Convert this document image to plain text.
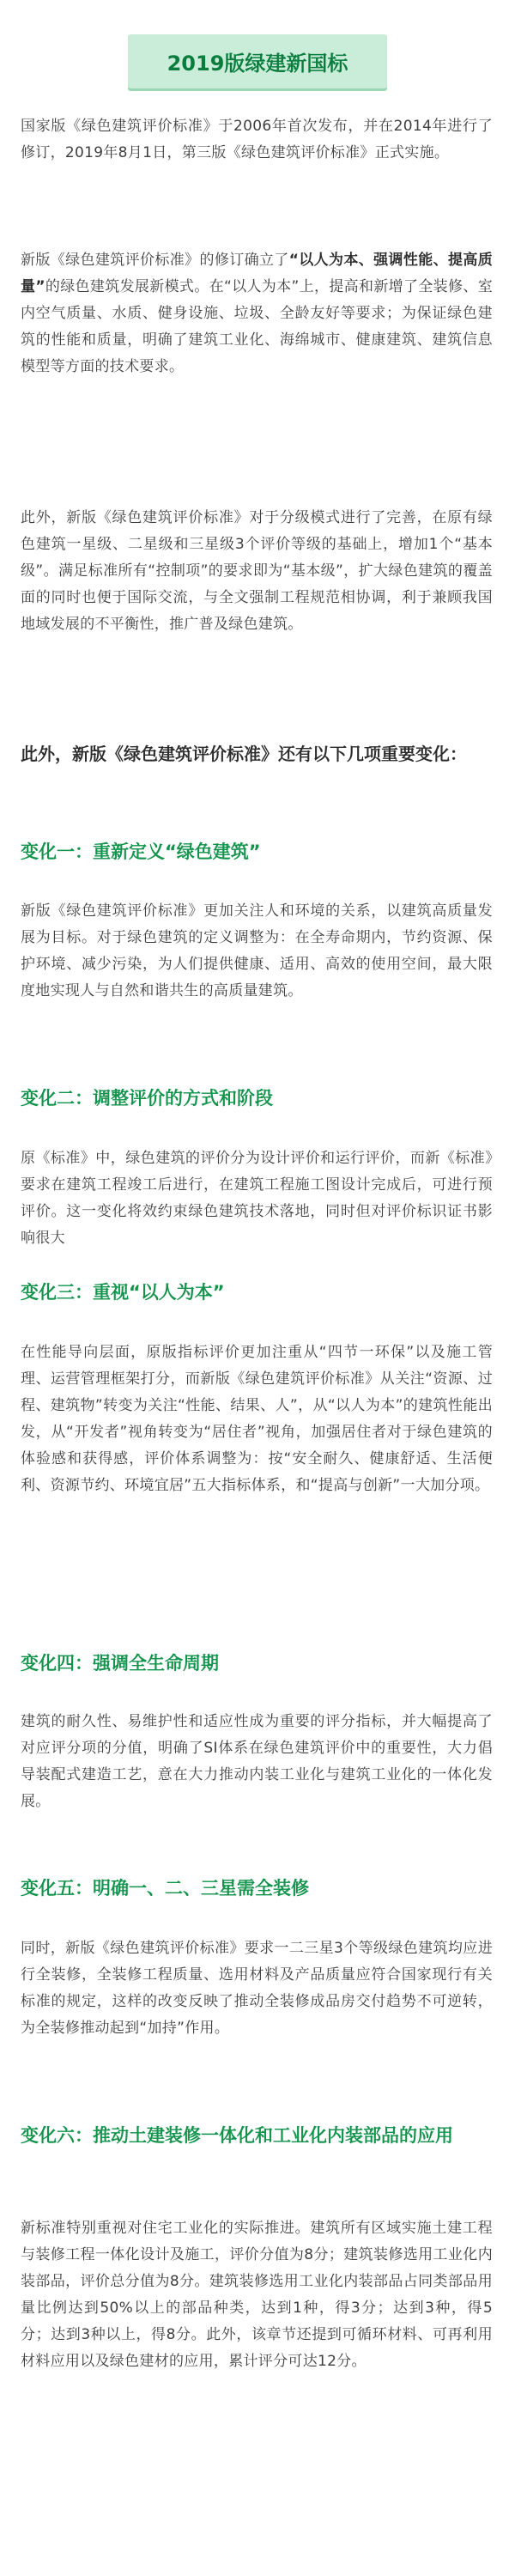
2019版绿建新国标

国家版《绿色建筑评价标准》于2006年首次发布，并在2014年进行了修订，2019年8月1日，第三版《绿色建筑评价标准》正式实施。

新版《绿色建筑评价标准》的修订确立了“以人为本、强调性能、提高质量”的绿色建筑发展新模式。在“以人为本”上，提高和新增了全装修、室内空气质量、水质、健身设施、垃圾、全龄友好等要求；为保证绿色建筑的性能和质量，明确了建筑工业化、海绵城市、健康建筑、建筑信息模型等方面的技术要求。

此外，新版《绿色建筑评价标准》对于分级模式进行了完善，在原有绿色建筑一星级、二星级和三星级3个评价等级的基础上，增加1个“基本级”。满足标准所有“控制项”的要求即为“基本级”，扩大绿色建筑的覆盖面的同时也便于国际交流，与全文强制工程规范相协调，利于兼顾我国地域发展的不平衡性，推广普及绿色建筑。

此外，新版《绿色建筑评价标准》还有以下几项重要变化：

变化一：重新定义“绿色建筑”

新版《绿色建筑评价标准》更加关注人和环境的关系，以建筑高质量发展为目标。对于绿色建筑的定义调整为：在全寿命期内，节约资源、保护环境、减少污染，为人们提供健康、适用、高效的使用空间，最大限度地实现人与自然和谐共生的高质量建筑。

变化二：调整评价的方式和阶段

原《标准》中，绿色建筑的评价分为设计评价和运行评价，而新《标准》要求在建筑工程竣工后进行，在建筑工程施工图设计完成后，可进行预评价。这一变化将效约束绿色建筑技术落地，同时但对评价标识证书影响很大

变化三：重视“以人为本”

在性能导向层面，原版指标评价更加注重从“四节一环保”以及施工管理、运营管理框架打分，而新版《绿色建筑评价标准》从关注“资源、过程、建筑物”转变为关注“性能、结果、人”，从“以人为本”的建筑性能出发，从“开发者”视角转变为“居住者”视角，加强居住者对于绿色建筑的体验感和获得感，评价体系调整为：按“安全耐久、健康舒适、生活便利、资源节约、环境宜居”五大指标体系，和“提高与创新”一大加分项。

变化四：强调全生命周期

建筑的耐久性、易维护性和适应性成为重要的评分指标，并大幅提高了对应评分项的分值，明确了SI体系在绿色建筑评价中的重要性，大力倡导装配式建造工艺，意在大力推动内装工业化与建筑工业化的一体化发展。

变化五：明确一、二、三星需全装修

同时，新版《绿色建筑评价标准》要求一二三星3个等级绿色建筑均应进行全装修，全装修工程质量、选用材料及产品质量应符合国家现行有关标准的规定，这样的改变反映了推动全装修成品房交付趋势不可逆转，为全装修推动起到“加持”作用。

变化六：推动土建装修一体化和工业化内装部品的应用

新标准特别重视对住宅工业化的实际推进。建筑所有区域实施土建工程与装修工程一体化设计及施工，评价分值为8分；建筑装修选用工业化内装部品，评价总分值为8分。建筑装修选用工业化内装部品占同类部品用量比例达到50%以上的部品种类，达到1种，得3分；达到3种，得5分；达到3种以上，得8分。此外，该章节还提到可循环材料、可再利用材料应用以及绿色建材的应用，累计评分可达12分。
